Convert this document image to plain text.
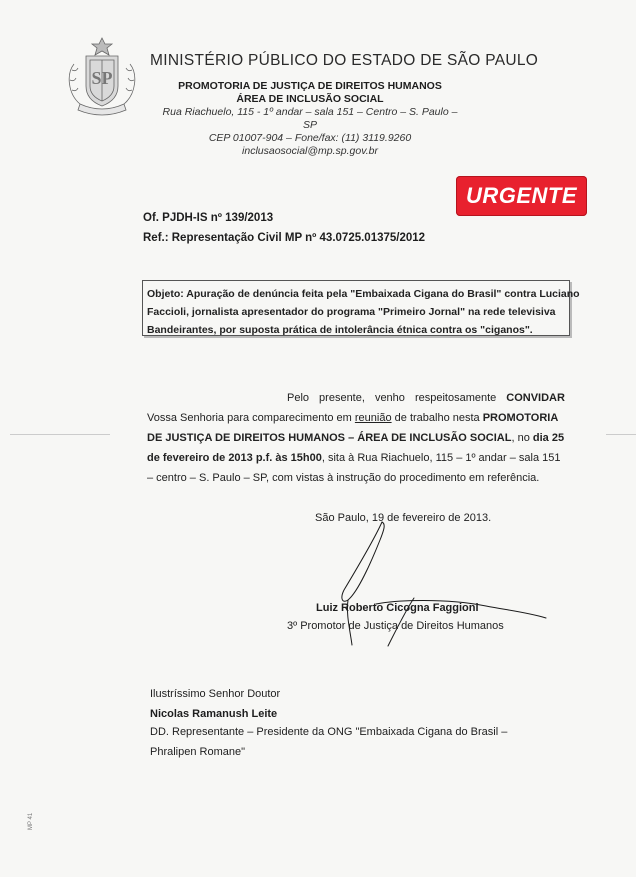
SP
MINISTÉRIO PÚBLICO DO ESTADO DE SÃO PAULO
PROMOTORIA DE JUSTIÇA DE DIREITOS HUMANOS
ÁREA DE INCLUSÃO SOCIAL
Rua Riachuelo, 115 - 1º andar – sala 151 – Centro – S. Paulo – SP
CEP 01007-904 – Fone/fax: (11) 3119.9260
inclusaosocial@mp.sp.gov.br
URGENTE
Of. PJDH-IS nº 139/2013
Ref.: Representação Civil MP nº 43.0725.01375/2012
Objeto: Apuração de denúncia feita pela "Embaixada Cigana do Brasil" contra Luciano
Faccioli, jornalista apresentador do programa "Primeiro Jornal" na rede televisiva
Bandeirantes, por suposta prática de intolerância étnica contra os "ciganos".
Pelo presente, venho respeitosamente CONVIDAR
Vossa Senhoria para comparecimento em reunião de trabalho nesta PROMOTORIA
DE JUSTIÇA DE DIREITOS HUMANOS – ÁREA DE INCLUSÃO SOCIAL, no dia 25
de fevereiro de 2013 p.f. às 15h00, sita à Rua Riachuelo, 115 – 1º andar – sala 151
– centro – S. Paulo – SP, com vistas à instrução do procedimento em referência.
São Paulo, 19 de fevereiro de 2013.
Luiz Roberto Cicogna Faggioni
3º Promotor de Justiça de Direitos Humanos
Ilustríssimo Senhor Doutor
Nicolas Ramanush Leite
DD. Representante – Presidente da ONG "Embaixada Cigana do Brasil –
Phralipen Romane"
MP 41
